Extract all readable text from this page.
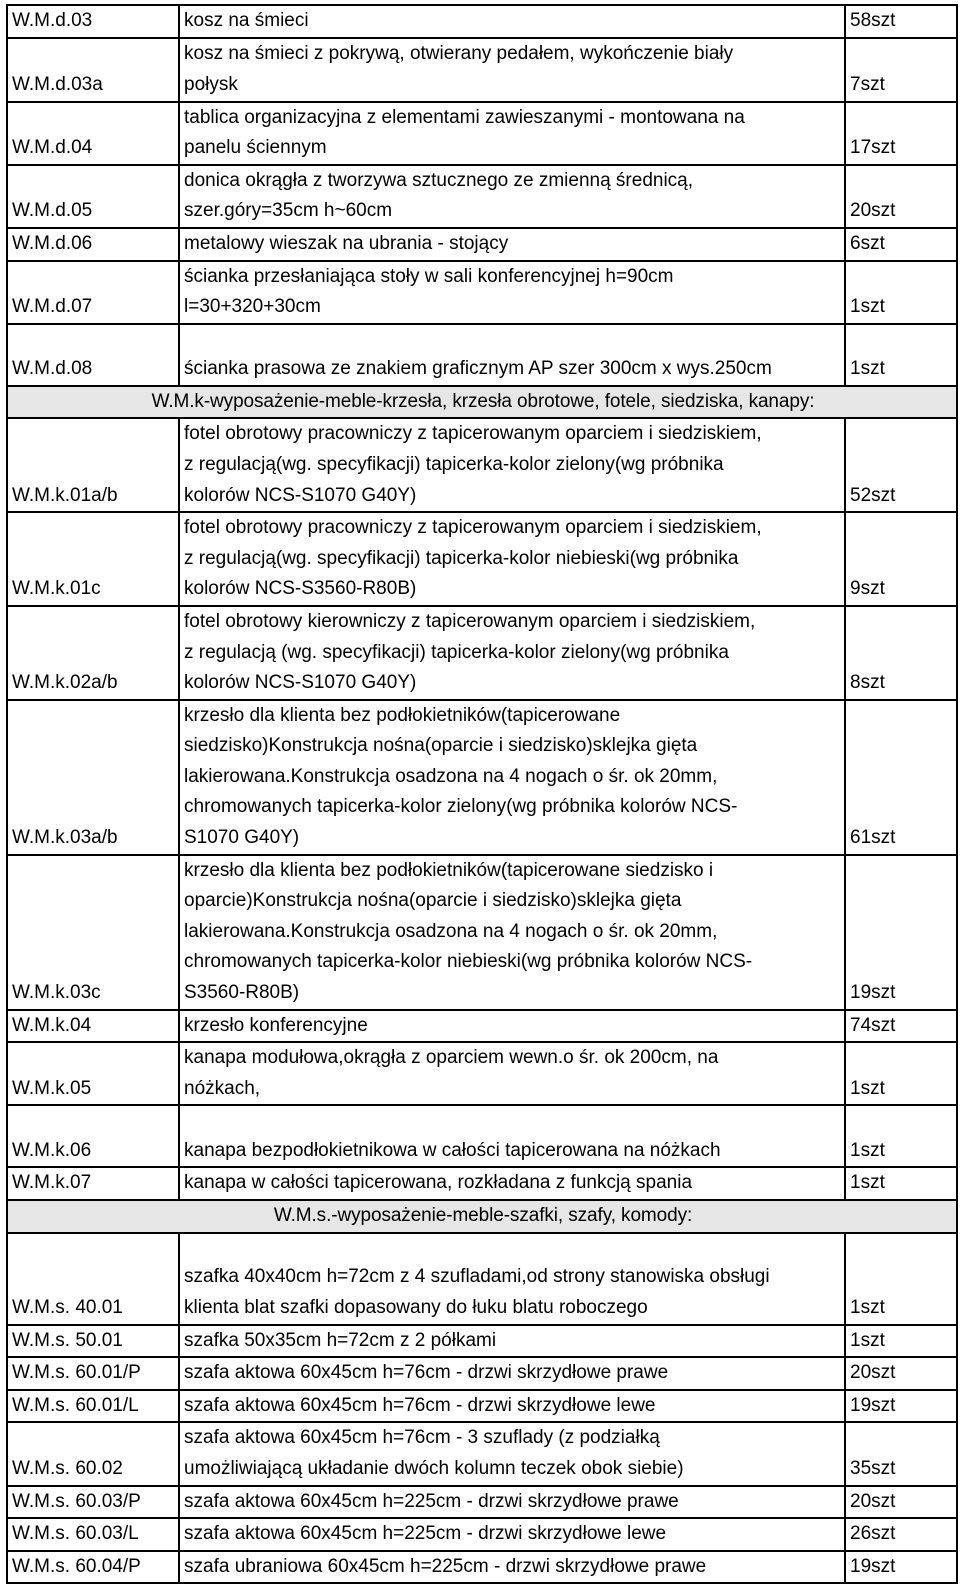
W.M.d.03	kosz na śmieci	58szt
W.M.d.03a	kosz na śmieci z pokrywą, otwierany pedałem, wykończenie biały
połysk	7szt
W.M.d.04	tablica organizacyjna z elementami zawieszanymi - montowana na
panelu ściennym	17szt
W.M.d.05	donica okrągła z tworzywa sztucznego ze zmienną średnicą,
szer.góry=35cm h~60cm	20szt
W.M.d.06	metalowy wieszak na ubrania - stojący	6szt
W.M.d.07	ścianka przesłaniająca stoły w sali konferencyjnej h=90cm
l=30+320+30cm	1szt
W.M.d.08	ścianka prasowa ze znakiem graficznym AP szer 300cm x wys.250cm	1szt
W.M.k-wyposażenie-meble-krzesła, krzesła obrotowe, fotele, siedziska, kanapy:		
W.M.k.01a/b	fotel obrotowy pracowniczy z tapicerowanym oparciem i siedziskiem,
z regulacją(wg. specyfikacji) tapicerka-kolor zielony(wg próbnika
kolorów NCS-S1070 G40Y)	52szt
W.M.k.01c	fotel obrotowy pracowniczy z tapicerowanym oparciem i siedziskiem,
z regulacją(wg. specyfikacji) tapicerka-kolor niebieski(wg próbnika
kolorów NCS-S3560-R80B)	9szt
W.M.k.02a/b	fotel obrotowy kierowniczy z tapicerowanym oparciem i siedziskiem,
z regulacją (wg. specyfikacji) tapicerka-kolor zielony(wg próbnika
kolorów NCS-S1070 G40Y)	8szt
W.M.k.03a/b	krzesło dla klienta bez podłokietników(tapicerowane
siedzisko)Konstrukcja nośna(oparcie i siedzisko)sklejka gięta
lakierowana.Konstrukcja osadzona na 4 nogach o śr. ok 20mm,
chromowanych tapicerka-kolor zielony(wg próbnika kolorów NCS-
S1070 G40Y)	61szt
W.M.k.03c	krzesło dla klienta bez podłokietników(tapicerowane siedzisko i
oparcie)Konstrukcja nośna(oparcie i siedzisko)sklejka gięta
lakierowana.Konstrukcja osadzona na 4 nogach o śr. ok 20mm,
chromowanych tapicerka-kolor niebieski(wg próbnika kolorów NCS-
S3560-R80B)	19szt
W.M.k.04	krzesło konferencyjne	74szt
W.M.k.05	kanapa modułowa,okrągła z oparciem wewn.o śr. ok 200cm, na
nóżkach,	1szt
W.M.k.06	kanapa bezpodłokietnikowa w całości tapicerowana na nóżkach	1szt
W.M.k.07	kanapa w całości tapicerowana, rozkładana z funkcją spania	1szt
W.M.s.-wyposażenie-meble-szafki, szafy, komody:		
W.M.s. 40.01	szafka 40x40cm h=72cm z 4 szufladami,od strony stanowiska obsługi
klienta blat szafki dopasowany do łuku blatu roboczego	1szt
W.M.s. 50.01	szafka 50x35cm h=72cm z 2 półkami	1szt
W.M.s. 60.01/P	szafa aktowa 60x45cm h=76cm - drzwi skrzydłowe prawe	20szt
W.M.s. 60.01/L	szafa aktowa 60x45cm h=76cm - drzwi skrzydłowe lewe	19szt
W.M.s. 60.02	szafa aktowa 60x45cm h=76cm - 3 szuflady (z podziałką
umożliwiającą układanie dwóch kolumn teczek obok siebie)	35szt
W.M.s. 60.03/P	szafa aktowa 60x45cm h=225cm - drzwi skrzydłowe prawe	20szt
W.M.s. 60.03/L	szafa aktowa 60x45cm h=225cm - drzwi skrzydłowe lewe	26szt
W.M.s. 60.04/P	szafa ubraniowa 60x45cm h=225cm - drzwi skrzydłowe prawe	19szt
